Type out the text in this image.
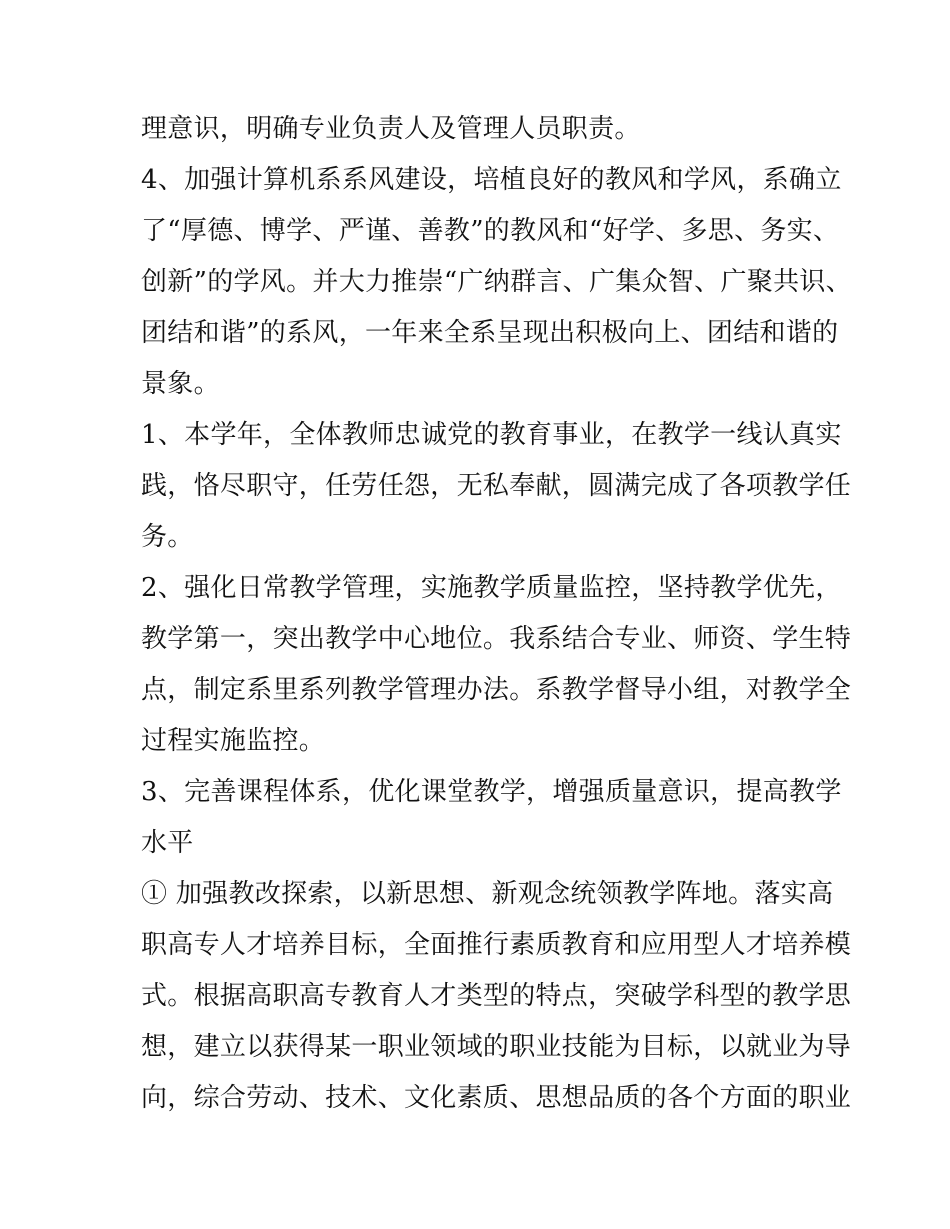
理意识，明确专业负责人及管理人员职责。

4、加强计算机系系风建设，培植良好的教风和学风，系确立

了“厚德、博学、严谨、善教”的教风和“好学、多思、务实、

创新”的学风。并大力推崇“广纳群言、广集众智、广聚共识、

团结和谐”的系风，一年来全系呈现出积极向上、团结和谐的

景象。

1、本学年，全体教师忠诚党的教育事业，在教学一线认真实

践，恪尽职守，任劳任怨，无私奉献，圆满完成了各项教学任

务。

2、强化日常教学管理，实施教学质量监控，坚持教学优先，

教学第一，突出教学中心地位。我系结合专业、师资、学生特

点，制定系里系列教学管理办法。系教学督导小组，对教学全

过程实施监控。

3、完善课程体系，优化课堂教学，增强质量意识，提高教学

水平

① 加强教改探索，以新思想、新观念统领教学阵地。落实高

职高专人才培养目标，全面推行素质教育和应用型人才培养模

式。根据高职高专教育人才类型的特点，突破学科型的教学思

想，建立以获得某一职业领域的职业技能为目标，以就业为导

向，综合劳动、技术、文化素质、思想品质的各个方面的职业
